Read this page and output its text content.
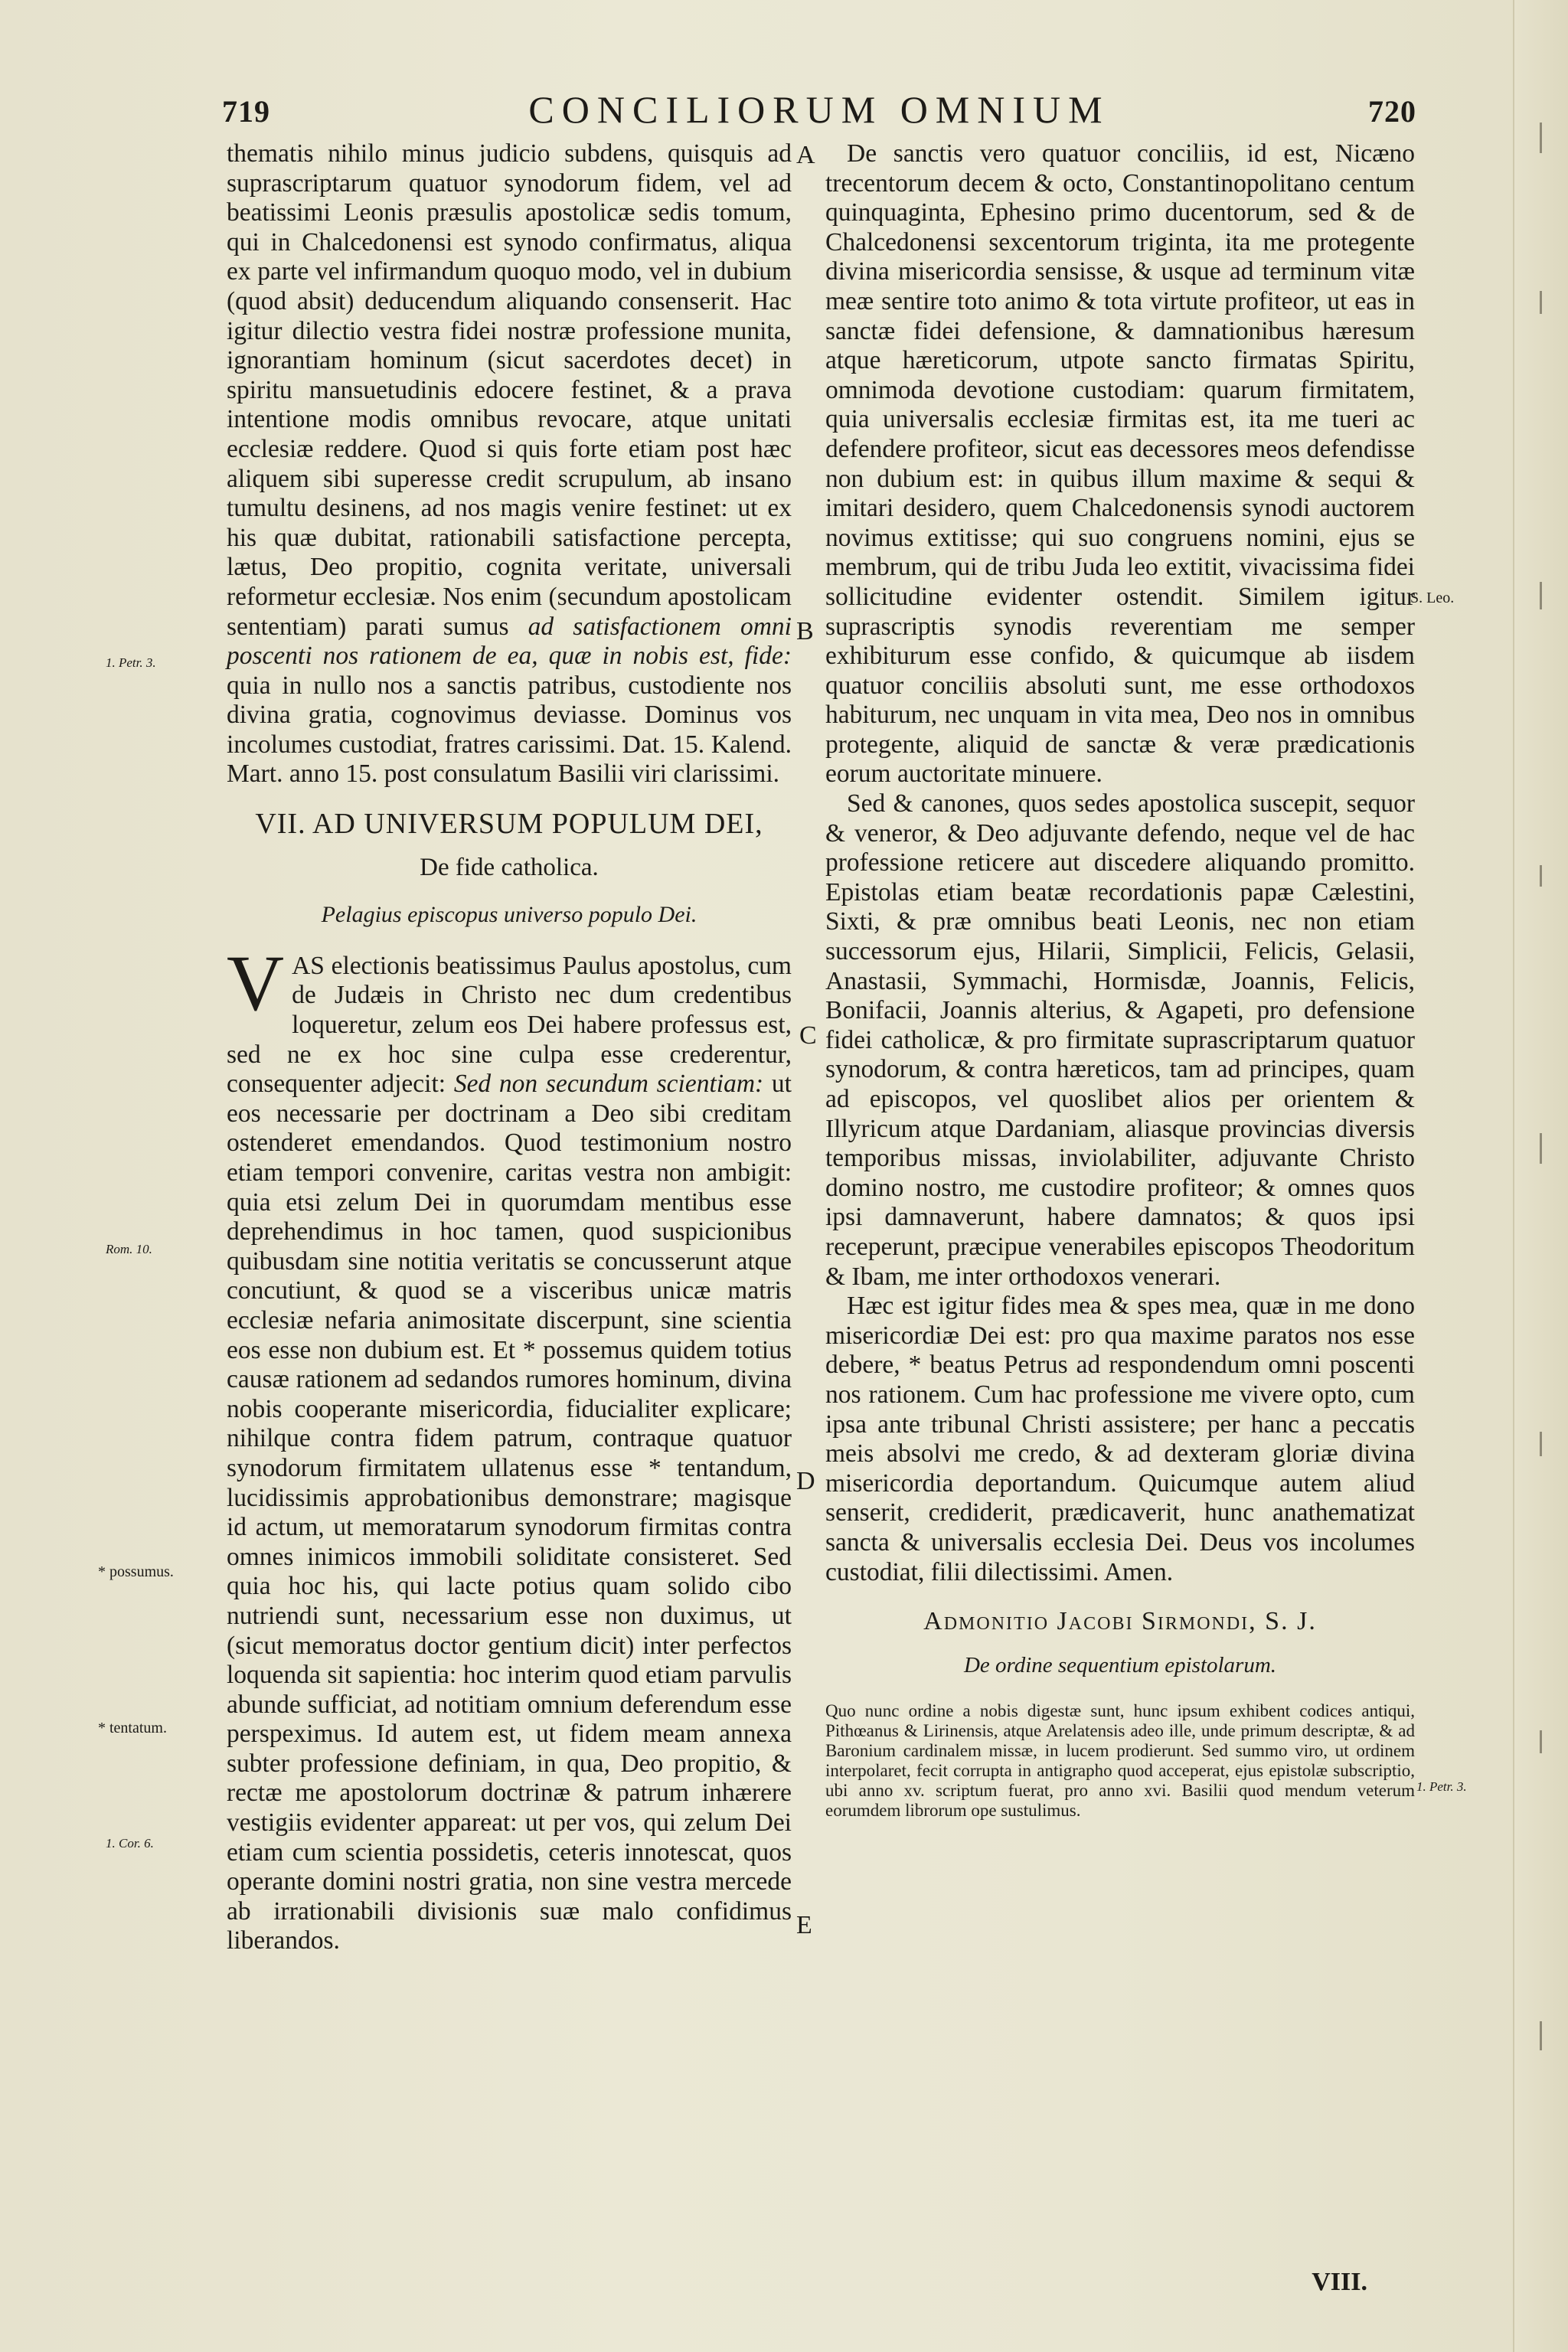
719	CONCILIORUM OMNIUM	720

thematis nihilo minus judicio subdens, quisquis ad suprascriptarum quatuor synodorum fidem, vel ad beatissimi Leonis præsulis apostolicæ sedis tomum, qui in Chalcedonensi est synodo confirmatus, aliqua ex parte vel infirmandum quoquo modo, vel in dubium (quod absit) deducendum aliquando consenserit. Hac igitur dilectio vestra fidei nostræ professione munita, ignorantiam hominum (sicut sacerdotes decet) in spiritu mansuetudinis edocere festinet, & a prava intentione modis omnibus revocare, atque unitati ecclesiæ reddere. Quod si quis forte etiam post hæc aliquem sibi superesse credit scrupulum, ab insano tumultu desinens, ad nos magis venire festinet: ut ex his quæ dubitat, rationabili satisfactione percepta, lætus, Deo propitio, cognita veritate, universali reformetur ecclesiæ. Nos enim (secundum apostolicam sententiam) parati sumus ad satisfactionem omni poscenti nos rationem de ea, quæ in nobis est, fide: quia in nullo nos a sanctis patribus, custodiente nos divina gratia, cognovimus deviasse. Dominus vos incolumes custodiat, fratres carissimi. Dat. 15. Kalend. Mart. anno 15. post consulatum Basilii viri clarissimi.

VII. AD UNIVERSUM POPULUM DEI,
De fide catholica.
Pelagius episcopus universo populo Dei.

VAS electionis beatissimus Paulus apostolus, cum de Judæis in Christo nec dum credentibus loqueretur, zelum eos Dei habere professus est, sed ne ex hoc sine culpa esse crederentur, consequenter adjecit: Sed non secundum scientiam: ut eos necessarie per doctrinam a Deo sibi creditam ostenderet emendandos. Quod testimonium nostro etiam tempori convenire, caritas vestra non ambigit: quia etsi zelum Dei in quorumdam mentibus esse deprehendimus in hoc tamen, quod suspicionibus quibusdam sine notitia veritatis se concusserunt atque concutiunt, & quod se a visceribus unicæ matris ecclesiæ nefaria animositate discerpunt, sine scientia eos esse non dubium est. Et * possemus quidem totius causæ rationem ad sedandos rumores hominum, divina nobis cooperante misericordia, fiducialiter explicare; nihilque contra fidem patrum, contraque quatuor synodorum firmitatem ullatenus esse * tentandum, lucidissimis approbationibus demonstrare; magisque id actum, ut memoratarum synodorum firmitas contra omnes inimicos immobili soliditate consisteret. Sed quia hoc his, qui lacte potius quam solido cibo nutriendi sunt, necessarium esse non duximus, ut (sicut memoratus doctor gentium dicit) inter perfectos loquenda sit sapientia: hoc interim quod etiam parvulis abunde sufficiat, ad notitiam omnium deferendum esse perspeximus. Id autem est, ut fidem meam annexa subter professione definiam, in qua, Deo propitio, & rectæ me apostolorum doctrinæ & patrum inhærere vestigiis evidenter appareat: ut per vos, qui zelum Dei etiam cum scientia possidetis, ceteris innotescat, quos operante domini nostri gratia, non sine vestra mercede ab irrationabili divisionis suæ malo confidimus liberandos.

De sanctis vero quatuor conciliis, id est, Nicæno trecentorum decem & octo, Constantinopolitano centum quinquaginta, Ephesino primo ducentorum, sed & de Chalcedonensi sexcentorum triginta, ita me protegente divina misericordia sensisse, & usque ad terminum vitæ meæ sentire toto animo & tota virtute profiteor, ut eas in sanctæ fidei defensione, & damnationibus hæresum atque hæreticorum, utpote sancto firmatas Spiritu, omnimoda devotione custodiam: quarum firmitatem, quia universalis ecclesiæ firmitas est, ita me tueri ac defendere profiteor, sicut eas decessores meos defendisse non dubium est: in quibus illum maxime & sequi & imitari desidero, quem Chalcedonensis synodi auctorem novimus extitisse; qui suo congruens nomini, ejus se membrum, qui de tribu Juda leo extitit, vivacissima fidei sollicitudine evidenter ostendit. Similem igitur suprascriptis synodis reverentiam me semper exhibiturum esse confido, & quicumque ab iisdem quatuor conciliis absoluti sunt, me esse orthodoxos habiturum, nec unquam in vita mea, Deo nos in omnibus protegente, aliquid de sanctæ & veræ prædicationis eorum auctoritate minuere.

Sed & canones, quos sedes apostolica suscepit, sequor & veneror, & Deo adjuvante defendo, neque vel de hac professione reticere aut discedere aliquando promitto. Epistolas etiam beatæ recordationis papæ Cælestini, Sixti, & præ omnibus beati Leonis, nec non etiam successorum ejus, Hilarii, Simplicii, Felicis, Gelasii, Anastasii, Symmachi, Hormisdæ, Joannis, Felicis, Bonifacii, Joannis alterius, & Agapeti, pro defensione fidei catholicæ, & pro firmitate suprascriptarum quatuor synodorum, & contra hæreticos, tam ad principes, quam ad episcopos, vel quoslibet alios per orientem & Illyricum atque Dardaniam, aliasque provincias diversis temporibus missas, inviolabiliter, adjuvante Christo domino nostro, me custodire profiteor; & omnes quos ipsi damnaverunt, habere damnatos; & quos ipsi receperunt, præcipue venerabiles episcopos Theodoritum & Ibam, me inter orthodoxos venerari.

Hæc est igitur fides mea & spes mea, quæ in me dono misericordiæ Dei est: pro qua maxime paratos nos esse debere, * beatus Petrus ad respondendum omni poscenti nos rationem. Cum hac professione me vivere opto, cum ipsa ante tribunal Christi assistere; per hanc a peccatis meis absolvi me credo, & ad dexteram gloriæ divina misericordia deportandum. Quicumque autem aliud senserit, crediderit, prædicaverit, hunc anathematizat sancta & universalis ecclesia Dei. Deus vos incolumes custodiat, filii dilectissimi. Amen.

Admonitio Jacobi Sirmondi, S. J.
De ordine sequentium epistolarum.

Quo nunc ordine a nobis digestæ sunt, hunc ipsum exhibent codices antiqui, Pithœanus & Lirinensis, atque Arelatensis adeo ille, unde primum descriptæ, & ad Baronium cardinalem missæ, in lucem prodierunt. Sed summo viro, ut ordinem interpolaret, fecit corrupta in antigrapho quod acceperat, ejus epistolæ subscriptio, ubi anno xv. scriptum fuerat, pro anno xvi. Basilii quod mendum veterum eorumdem librorum ope sustulimus.

A
B
C
D
E
1. Petr. 3.
Rom. 10.
* possumus.
* tentatum.
1. Cor. 6.
S. Leo.
1. Petr. 3.
VIII.
